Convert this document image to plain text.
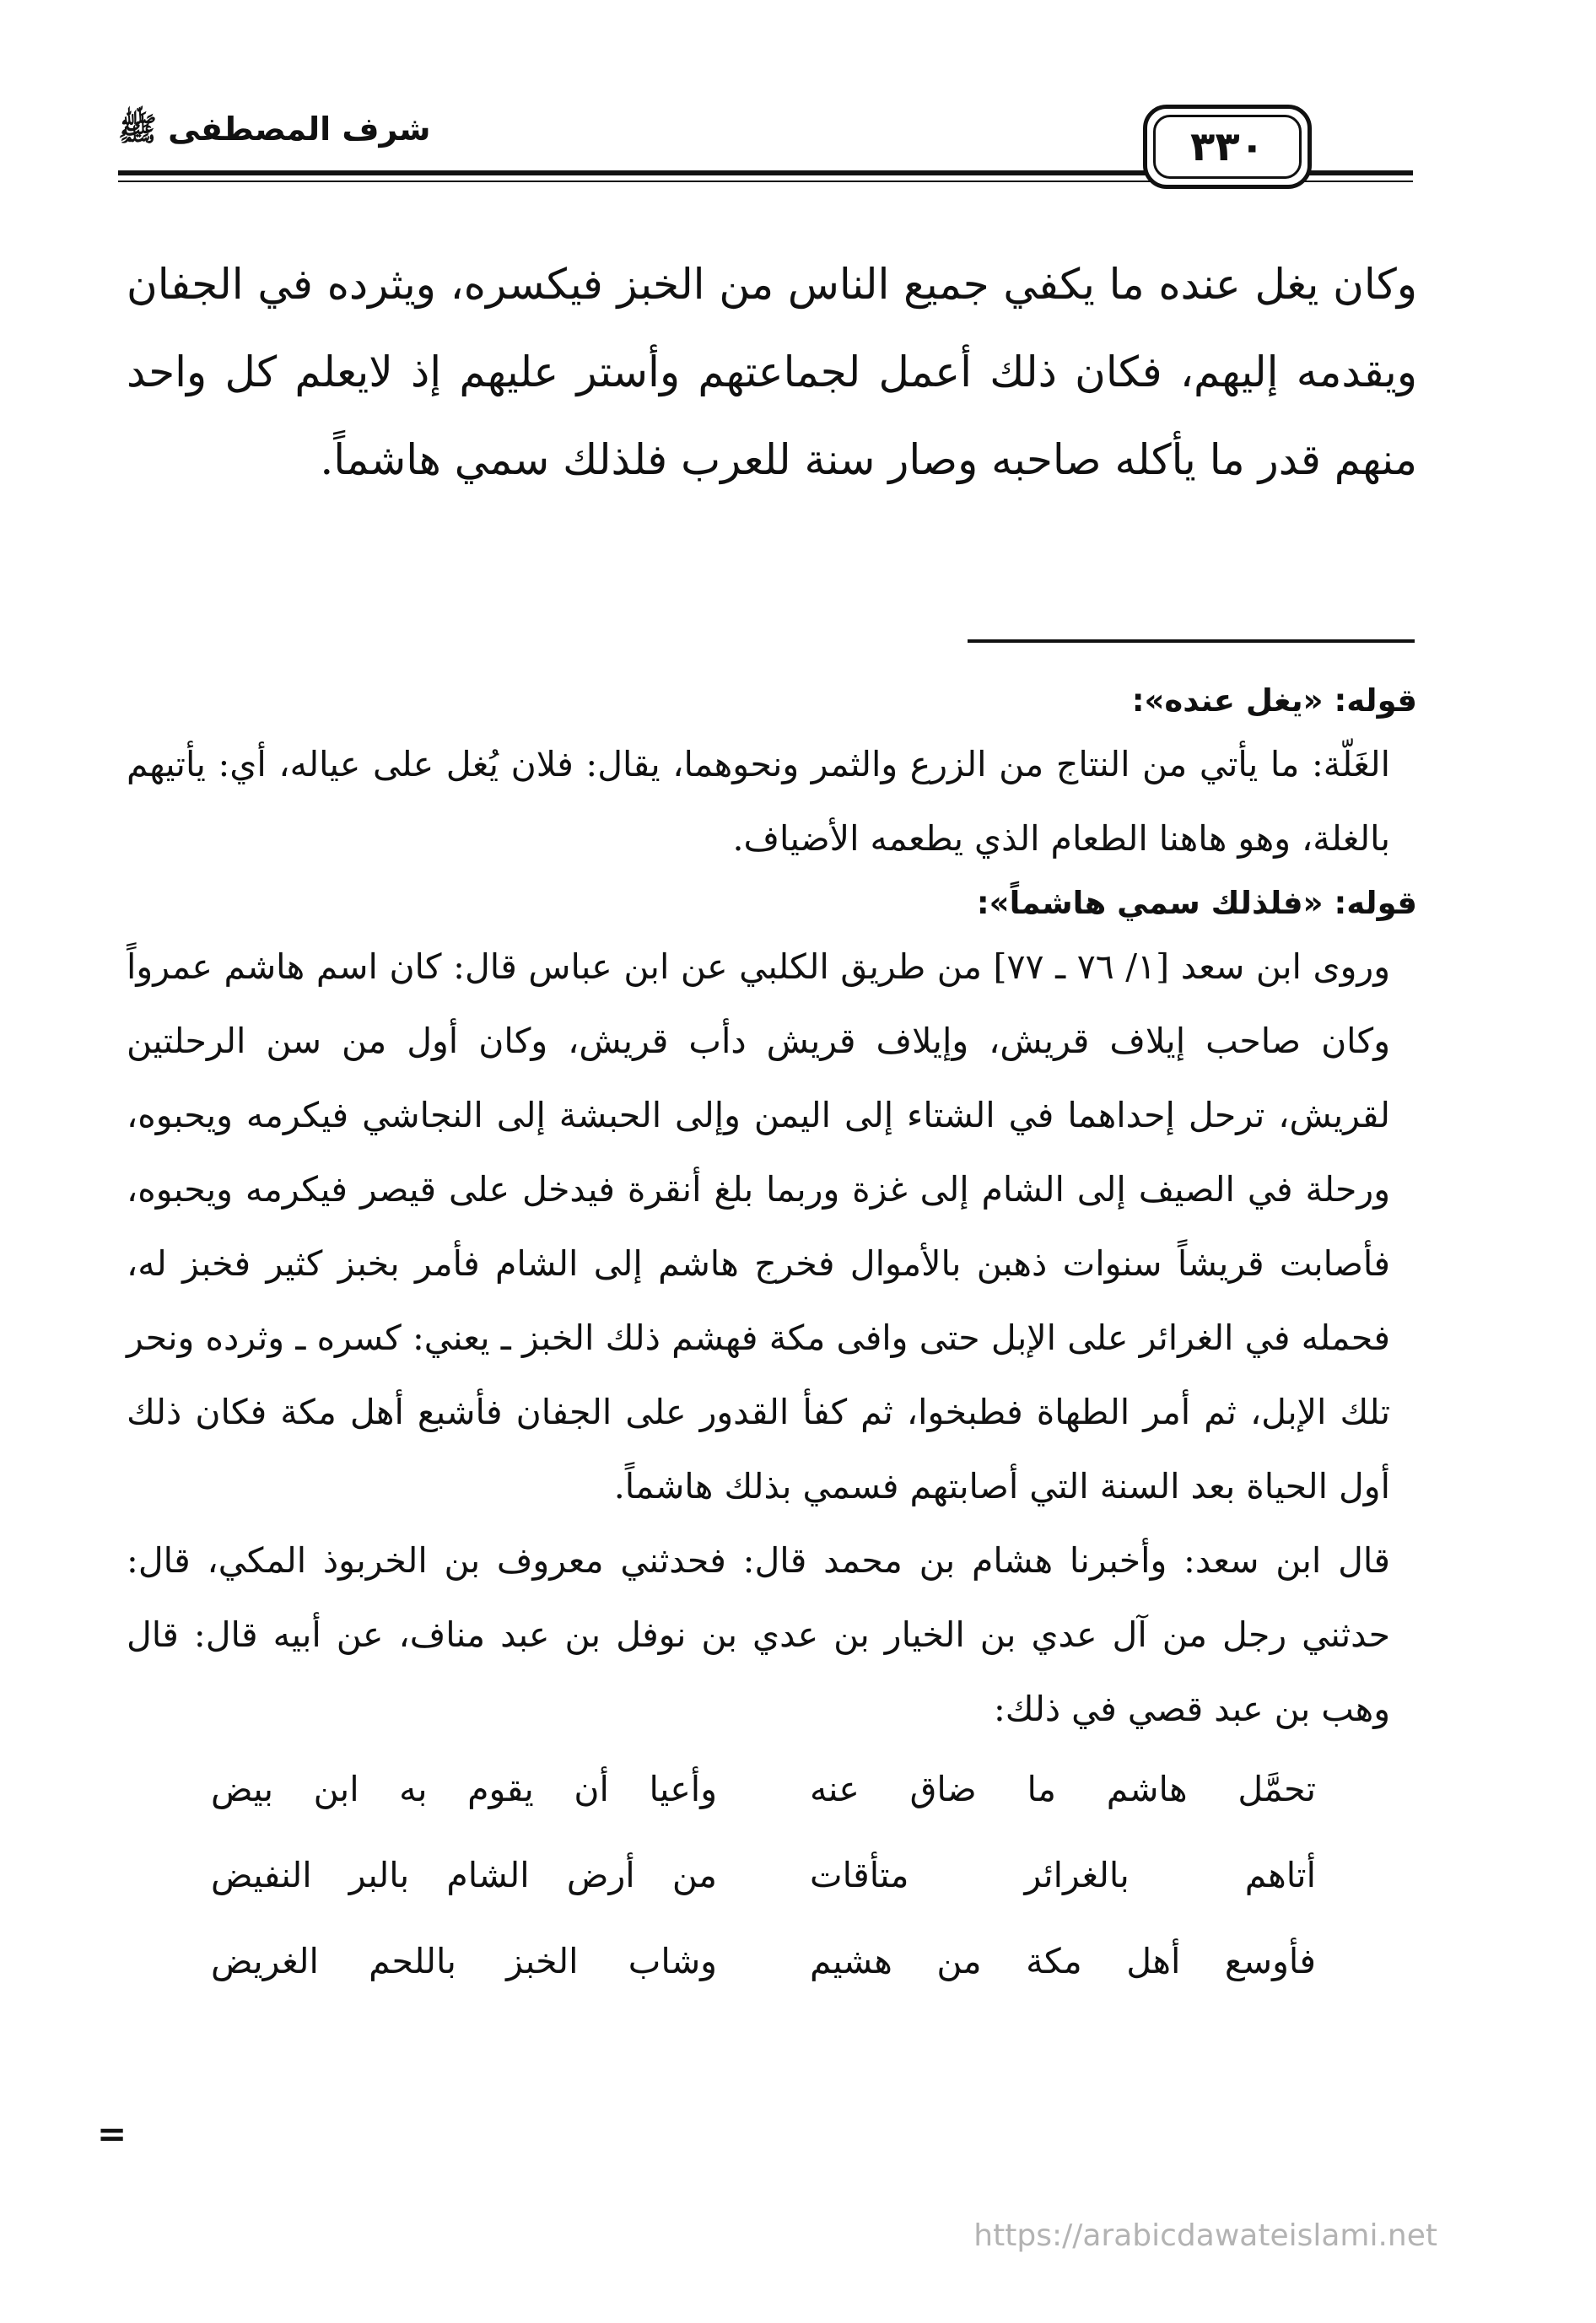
شرف المصطفى ﷺ	٣٣٠

وكان يغل عنده ما يكفي جميع الناس من الخبز فيكسره، ويثرده في الجفان ويقدمه إليهم، فكان ذلك أعمل لجماعتهم وأستر عليهم إذ لايعلم كل واحد منهم قدر ما يأكله صاحبه وصار سنة للعرب فلذلك سمي هاشماً.

قوله: «يغل عنده»:

الغَلّة: ما يأتي من النتاج من الزرع والثمر ونحوهما، يقال: فلان يُغل على عياله، أي: يأتيهم بالغلة، وهو هاهنا الطعام الذي يطعمه الأضياف.

قوله: «فلذلك سمي هاشماً»:

وروى ابن سعد [١/ ٧٦ ـ ٧٧] من طريق الكلبي عن ابن عباس قال: كان اسم هاشم عمرواً وكان صاحب إيلاف قريش، وإيلاف قريش دأب قريش، وكان أول من سن الرحلتين لقريش، ترحل إحداهما في الشتاء إلى اليمن وإلى الحبشة إلى النجاشي فيكرمه ويحبوه، ورحلة في الصيف إلى الشام إلى غزة وربما بلغ أنقرة فيدخل على قيصر فيكرمه ويحبوه، فأصابت قريشاً سنوات ذهبن بالأموال فخرج هاشم إلى الشام فأمر بخبز كثير فخبز له، فحمله في الغرائر على الإبل حتى وافى مكة فهشم ذلك الخبز ـ يعني: كسره ـ وثرده ونحر تلك الإبل، ثم أمر الطهاة فطبخوا، ثم كفأ القدور على الجفان فأشبع أهل مكة فكان ذلك أول الحياة بعد السنة التي أصابتهم فسمي بذلك هاشماً.

قال ابن سعد: وأخبرنا هشام بن محمد قال: فحدثني معروف بن الخربوذ المكي، قال: حدثني رجل من آل عدي بن الخيار بن عدي بن نوفل بن عبد مناف، عن أبيه قال: قال وهب بن عبد قصي في ذلك:

تحمَّل هاشم ما ضاق عنه
وأعيا أن يقوم به ابن بيض
أتاهم بالغرائر متأقات
من أرض الشام بالبر النفيض
فأوسع أهل مكة من هشيم
وشاب الخبز باللحم الغريض
=
https://arabicdawateislami.net
